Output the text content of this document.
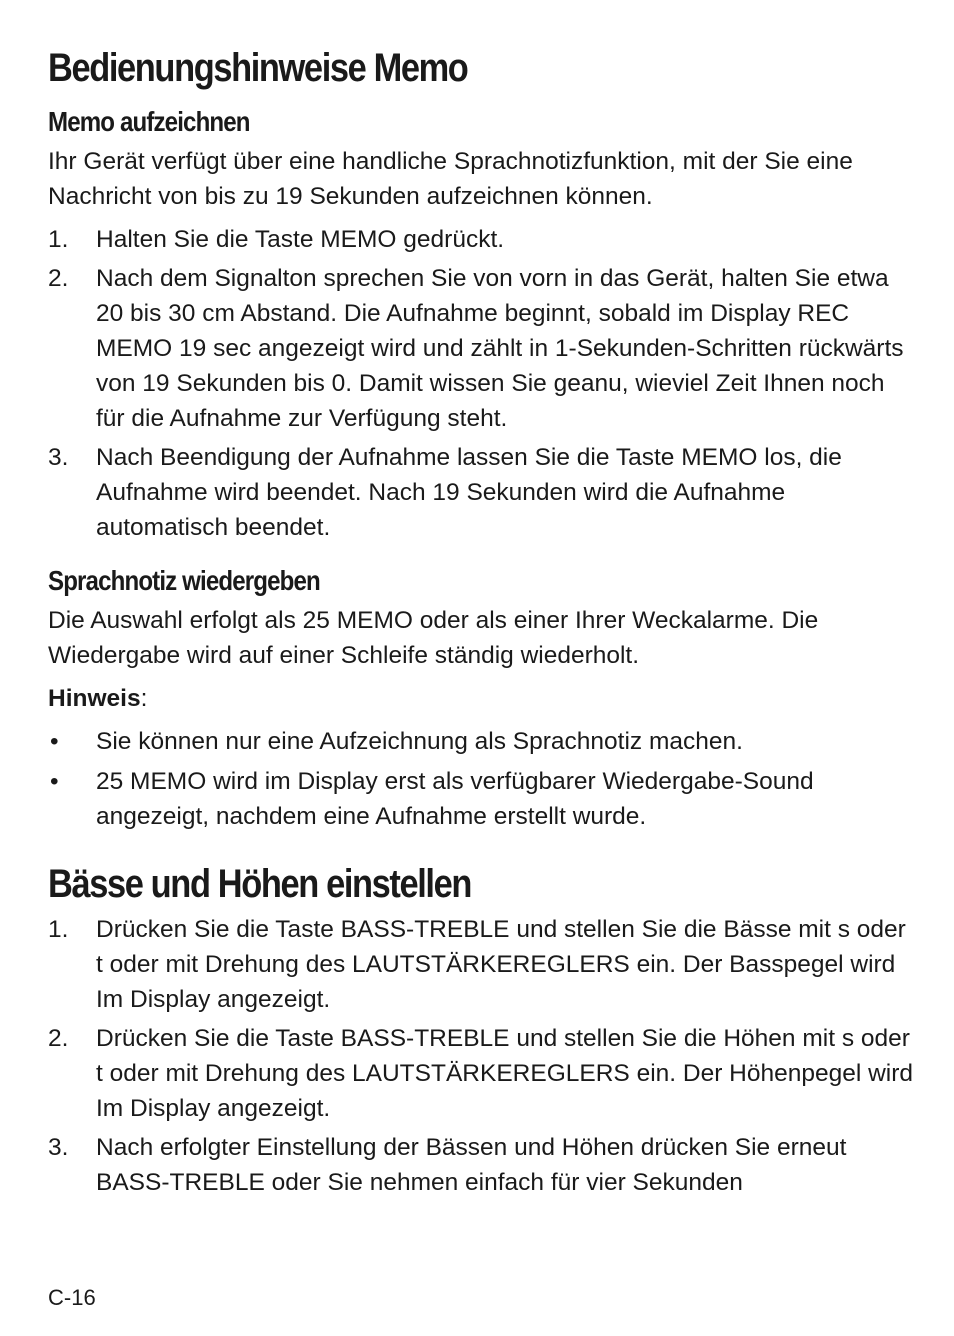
Bedienungshinweise Memo
Memo aufzeichnen

Ihr Gerät verfügt über eine handliche Sprachnotizfunktion, mit der Sie eine Nachricht von bis zu 19 Sekunden aufzeichnen können.

1. Halten Sie die Taste MEMO gedrückt.
2. Nach dem Signalton sprechen Sie von vorn in das Gerät, halten Sie etwa 20 bis 30 cm Abstand. Die Aufnahme beginnt, sobald im Display REC MEMO 19 sec angezeigt wird und zählt in 1-Sekunden-Schritten rückwärts von 19 Sekunden bis 0. Damit wissen Sie geanu, wieviel Zeit Ihnen noch für die Aufnahme zur Verfügung steht.
3. Nach Beendigung der Aufnahme lassen Sie die Taste MEMO los, die Aufnahme wird beendet. Nach 19 Sekunden wird die Aufnahme automatisch beendet.
Sprachnotiz wiedergeben

Die Auswahl erfolgt als 25 MEMO oder als einer Ihrer Weckalarme. Die Wiedergabe wird auf einer Schleife ständig wiederholt.

Hinweis:
• Sie können nur eine Aufzeichnung als Sprachnotiz machen.
• 25 MEMO wird im Display erst als verfügbarer Wiedergabe-Sound angezeigt, nachdem eine Aufnahme erstellt wurde.
Bässe und Höhen einstellen
1. Drücken Sie die Taste BASS-TREBLE und stellen Sie die Bässe mit s oder t oder mit Drehung des LAUTSTÄRKEREGLERS ein. Der Basspegel wird Im Display angezeigt.
2. Drücken Sie die Taste BASS-TREBLE und stellen Sie die Höhen mit s oder t oder mit Drehung des LAUTSTÄRKEREGLERS ein. Der Höhenpegel wird Im Display angezeigt.
3. Nach erfolgter Einstellung der Bässen und Höhen drücken Sie erneut BASS-TREBLE oder Sie nehmen einfach für vier Sekunden
C-16
